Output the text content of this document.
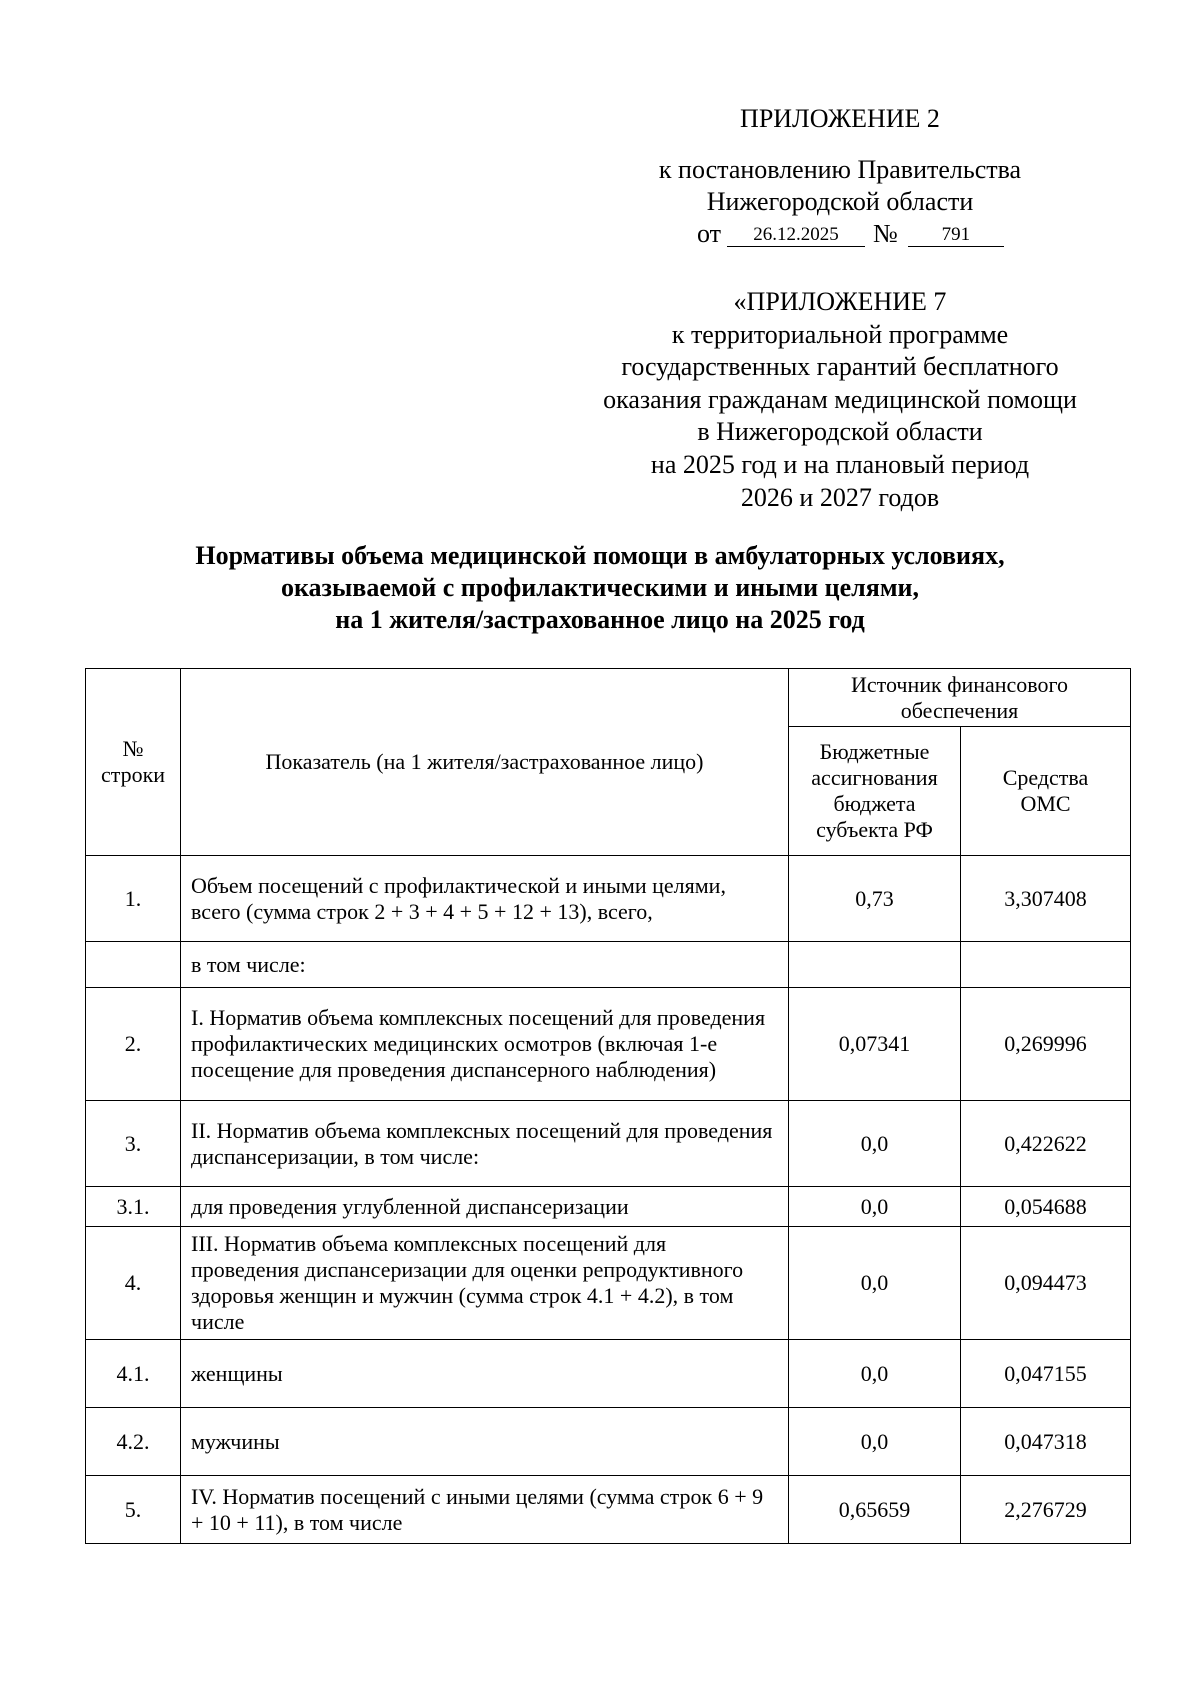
ПРИЛОЖЕНИЕ 2
к постановлению Правительства
Нижегородской области
от 26.12.2025 № 791
«ПРИЛОЖЕНИЕ 7
к территориальной программе
государственных гарантий бесплатного
оказания гражданам медицинской помощи
в Нижегородской области
на 2025 год и на плановый период
2026 и 2027 годов
Нормативы объема медицинской помощи в амбулаторных условиях,
оказываемой с профилактическими и иными целями,
на 1 жителя/застрахованное лицо на 2025 год
№ строки	Показатель (на 1 жителя/застрахованное лицо)	Источник финансового обеспечения	
		Бюджетные ассигнования бюджета субъекта РФ	Средства ОМС
1.	Объем посещений с профилактической и иными целями, всего (сумма строк 2 + 3 + 4 + 5 + 12 + 13), всего,	0,73	3,307408
	в том числе:		
2.	I. Норматив объема комплексных посещений для проведения профилактических медицинских осмотров (включая 1-е посещение для проведения диспансерного наблюдения)	0,07341	0,269996
3.	II. Норматив объема комплексных посещений для проведения диспансеризации, в том числе:	0,0	0,422622
3.1.	для проведения углубленной диспансеризации	0,0	0,054688
4.	III. Норматив объема комплексных посещений для проведения диспансеризации для оценки репродуктивного здоровья женщин и мужчин (сумма строк 4.1 + 4.2), в том числе	0,0	0,094473
4.1.	женщины	0,0	0,047155
4.2.	мужчины	0,0	0,047318
5.	IV. Норматив посещений с иными целями (сумма строк 6 + 9 + 10 + 11), в том числе	0,65659	2,276729
